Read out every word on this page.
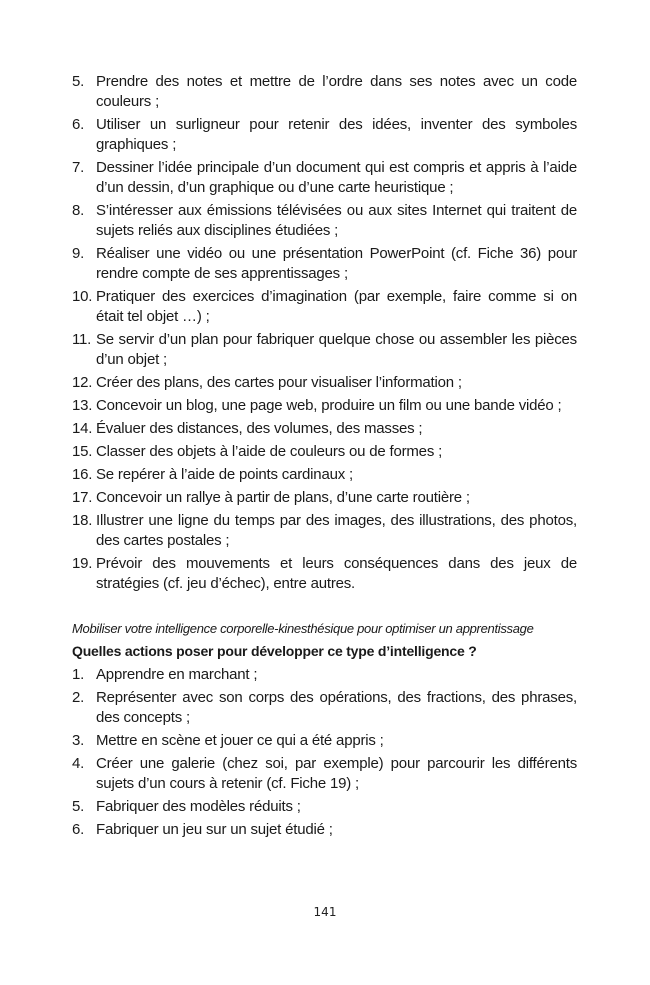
5. Prendre des notes et mettre de l’ordre dans ses notes avec un code couleurs ;
6. Utiliser un surligneur pour retenir des idées, inventer des symboles graphiques ;
7. Dessiner l’idée principale d’un document qui est compris et appris à l’aide d’un dessin, d’un graphique ou d’une carte heuristique ;
8. S’intéresser aux émissions télévisées ou aux sites Internet qui traitent de sujets reliés aux disciplines étudiées ;
9. Réaliser une vidéo ou une présentation PowerPoint (cf. Fiche 36) pour rendre compte de ses apprentissages ;
10. Pratiquer des exercices d’imagination (par exemple, faire comme si on était tel objet …) ;
11. Se servir d’un plan pour fabriquer quelque chose ou assembler les pièces d’un objet ;
12. Créer des plans, des cartes pour visualiser l’information ;
13. Concevoir un blog, une page web, produire un film ou une bande vidéo ;
14. Évaluer des distances, des volumes, des masses ;
15. Classer des objets à l’aide de couleurs ou de formes ;
16. Se repérer à l’aide de points cardinaux ;
17. Concevoir un rallye à partir de plans, d’une carte routière ;
18. Illustrer une ligne du temps par des images, des illustrations, des photos, des cartes postales ;
19. Prévoir des mouvements et leurs conséquences dans des jeux de stratégies (cf. jeu d’échec), entre autres.

Mobiliser votre intelligence corporelle-kinesthésique pour optimiser un apprentissage

Quelles actions poser pour développer ce type d’intelligence ?

1. Apprendre en marchant ;
2. Représenter avec son corps des opérations, des fractions, des phrases, des concepts ;
3. Mettre en scène et jouer ce qui a été appris ;
4. Créer une galerie (chez soi, par exemple) pour parcourir les différents sujets d’un cours à retenir (cf. Fiche 19) ;
5. Fabriquer des modèles réduits ;
6. Fabriquer un jeu sur un sujet étudié ;
141
